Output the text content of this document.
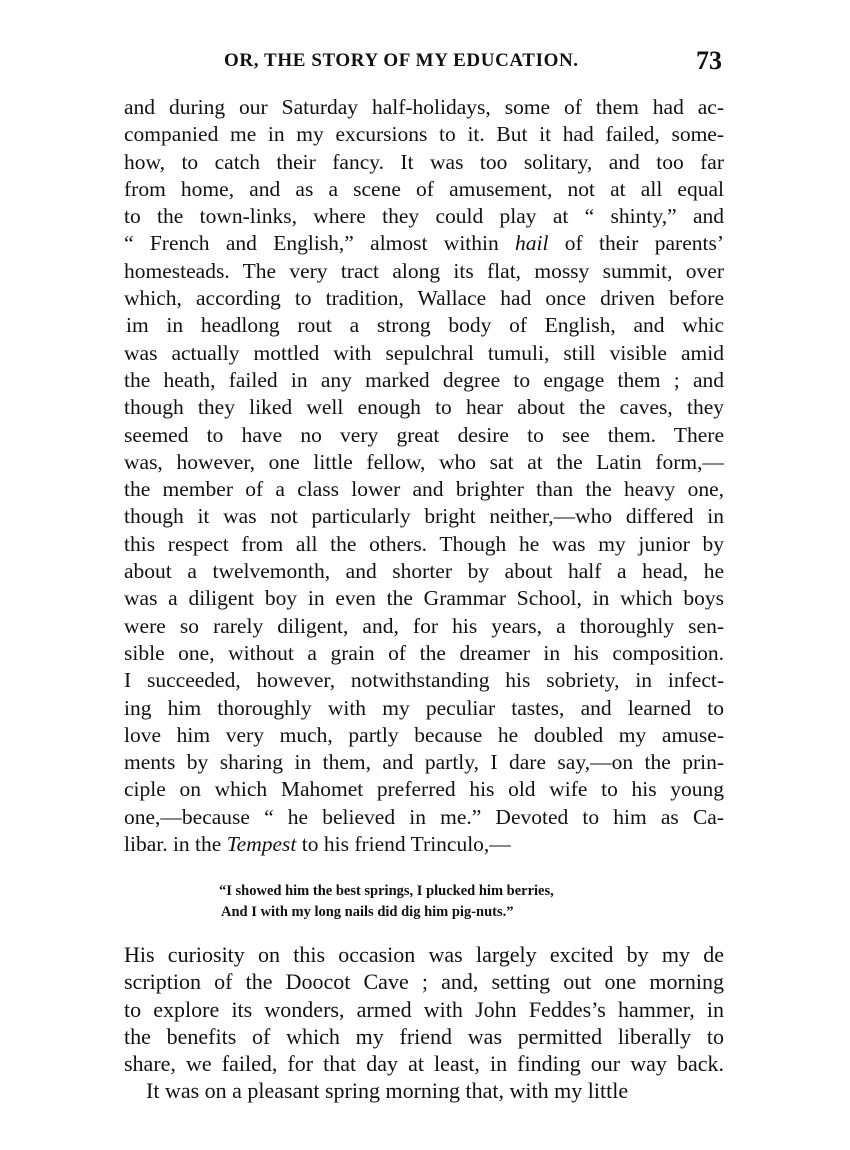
OR, THE STORY OF MY EDUCATION.	73
and during our Saturday half-holidays, some of them had ac-
companied me in my excursions to it. But it had failed, some-
how, to catch their fancy. It was too solitary, and too far
from home, and as a scene of amusement, not at all equal
to the town-links, where they could play at “ shinty,” and
“ French and English,” almost within hail of their parents’
homesteads. The very tract along its flat, mossy summit, over
which, according to tradition, Wallace had once driven before
im in headlong rout a strong body of English, and whic
was actually mottled with sepulchral tumuli, still visible amid
the heath, failed in any marked degree to engage them ; and
though they liked well enough to hear about the caves, they
seemed to have no very great desire to see them. There
was, however, one little fellow, who sat at the Latin form,—
the member of a class lower and brighter than the heavy one,
though it was not particularly bright neither,—who differed in
this respect from all the others. Though he was my junior by
about a twelvemonth, and shorter by about half a head, he
was a diligent boy in even the Grammar School, in which boys
were so rarely diligent, and, for his years, a thoroughly sen-
sible one, without a grain of the dreamer in his composition.
I succeeded, however, notwithstanding his sobriety, in infect-
ing him thoroughly with my peculiar tastes, and learned to
love him very much, partly because he doubled my amuse-
ments by sharing in them, and partly, I dare say,—on the prin-
ciple on which Mahomet preferred his old wife to his young
one,—because “ he believed in me.” Devoted to him as Ca-
libar. in the Tempest to his friend Trinculo,—
“I showed him the best springs, I plucked him berries,
And I with my long nails did dig him pig-nuts.”
His curiosity on this occasion was largely excited by my de
scription of the Doocot Cave ; and, setting out one morning
to explore its wonders, armed with John Feddes’s hammer, in
the benefits of which my friend was permitted liberally to
share, we failed, for that day at least, in finding our way back.
It was on a pleasant spring morning that, with my little
